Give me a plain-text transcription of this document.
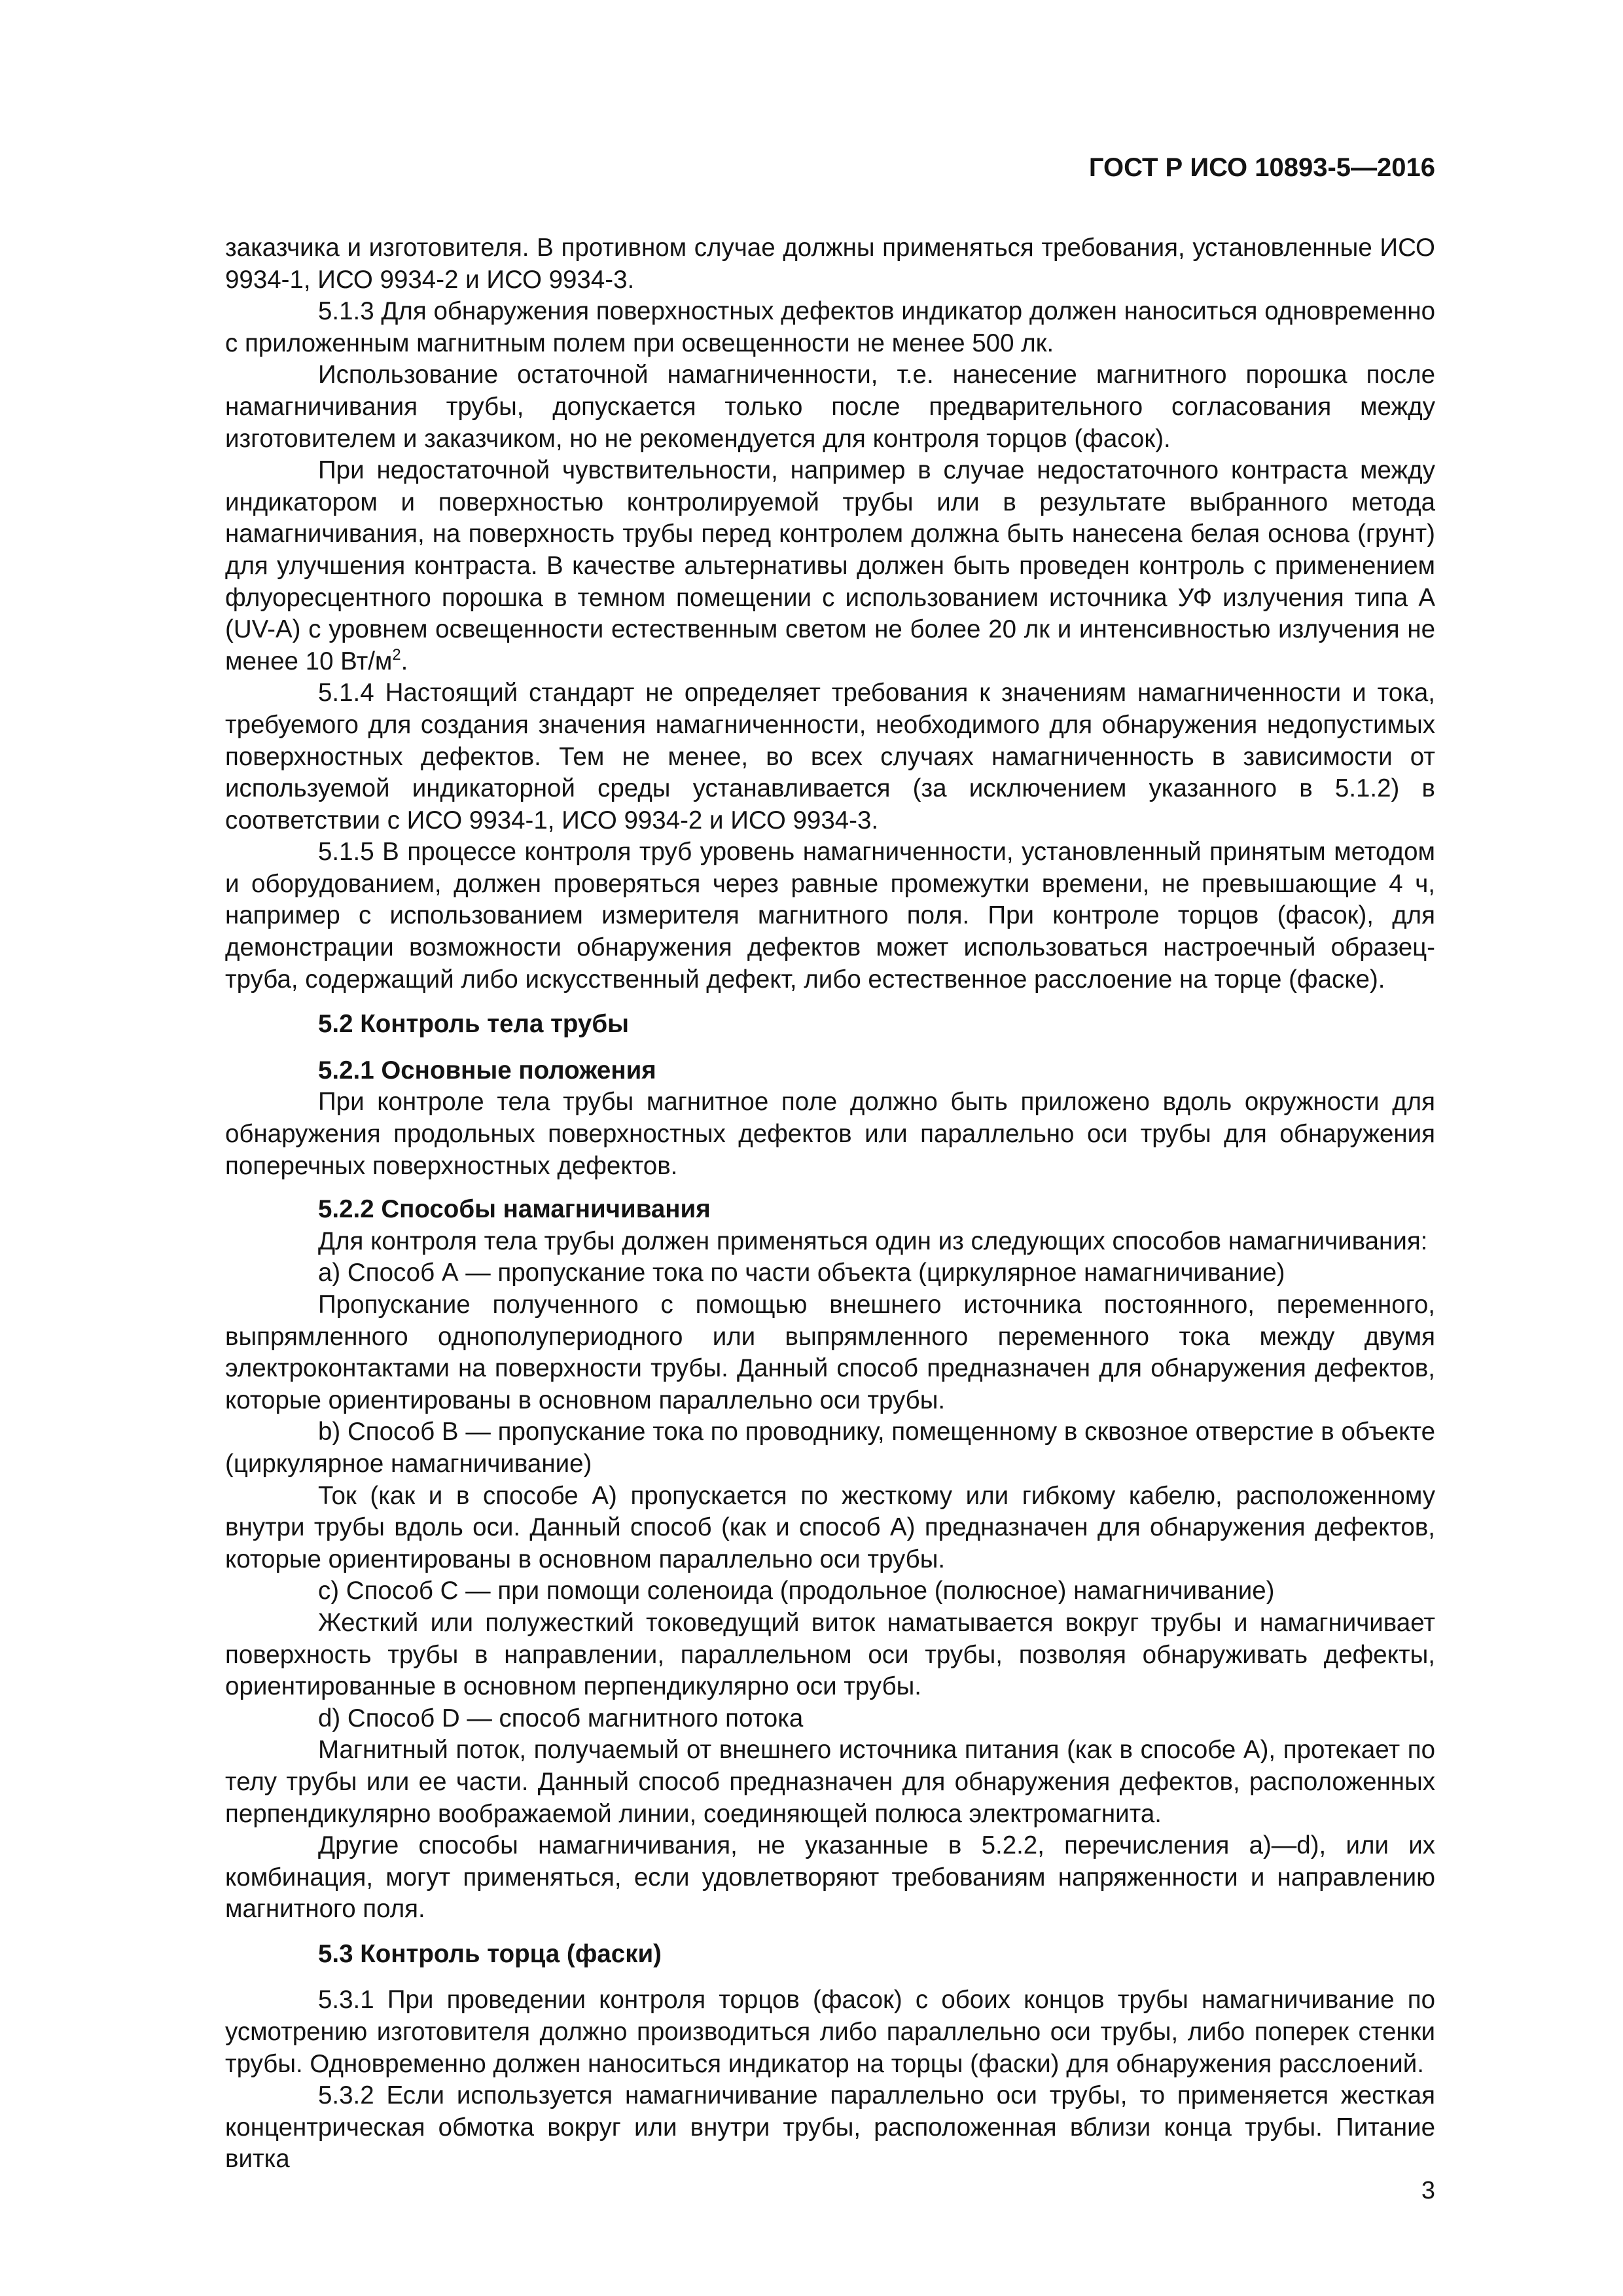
ГОСТ Р ИСО 10893-5—2016

заказчика и изготовителя. В противном случае должны применяться требования, установленные ИСО 9934-1, ИСО 9934-2 и ИСО 9934-3.

5.1.3 Для обнаружения поверхностных дефектов индикатор должен наноситься одновременно с приложенным магнитным полем при освещенности не менее 500 лк.

Использование остаточной намагниченности, т.е. нанесение магнитного порошка после намагничивания трубы, допускается только после предварительного согласования между изготовителем и заказчиком, но не рекомендуется для контроля торцов (фасок).

При недостаточной чувствительности, например в случае недостаточного контраста между индикатором и поверхностью контролируемой трубы или в результате выбранного метода намагничивания, на поверхность трубы перед контролем должна быть нанесена белая основа (грунт) для улучшения контраста. В качестве альтернативы должен быть проведен контроль с применением флуоресцентного порошка в темном помещении с использованием источника УФ излучения типа А (UV-A) с уровнем освещенности естественным светом не более 20 лк и интенсивностью излучения не менее 10 $Вт/м^2$.

5.1.4 Настоящий стандарт не определяет требования к значениям намагниченности и тока, требуемого для создания значения намагниченности, необходимого для обнаружения недопустимых поверхностных дефектов. Тем не менее, во всех случаях намагниченность в зависимости от используемой индикаторной среды устанавливается (за исключением указанного в 5.1.2) в соответствии с ИСО 9934-1, ИСО 9934-2 и ИСО 9934-3.

5.1.5 В процессе контроля труб уровень намагниченности, установленный принятым методом и оборудованием, должен проверяться через равные промежутки времени, не превышающие 4 ч, например с использованием измерителя магнитного поля. При контроле торцов (фасок), для демонстрации возможности обнаружения дефектов может использоваться настроечный образец-труба, содержащий либо искусственный дефект, либо естественное расслоение на торце (фаске).

5.2 Контроль тела трубы

5.2.1 Основные положения

При контроле тела трубы магнитное поле должно быть приложено вдоль окружности для обнаружения продольных поверхностных дефектов или параллельно оси трубы для обнаружения поперечных поверхностных дефектов.

5.2.2 Способы намагничивания

Для контроля тела трубы должен применяться один из следующих способов намагничивания:

a) Способ А — пропускание тока по части объекта (циркулярное намагничивание)

Пропускание полученного с помощью внешнего источника постоянного, переменного, выпрямленного однополупериодного или выпрямленного переменного тока между двумя электроконтактами на поверхности трубы. Данный способ предназначен для обнаружения дефектов, которые ориентированы в основном параллельно оси трубы.

b) Способ В — пропускание тока по проводнику, помещенному в сквозное отверстие в объекте (циркулярное намагничивание)

Ток (как и в способе А) пропускается по жесткому или гибкому кабелю, расположенному внутри трубы вдоль оси. Данный способ (как и способ А) предназначен для обнаружения дефектов, которые ориентированы в основном параллельно оси трубы.

c) Способ С — при помощи соленоида (продольное (полюсное) намагничивание)

Жесткий или полужесткий токоведущий виток наматывается вокруг трубы и намагничивает поверхность трубы в направлении, параллельном оси трубы, позволяя обнаруживать дефекты, ориентированные в основном перпендикулярно оси трубы.

d) Способ D — способ магнитного потока

Магнитный поток, получаемый от внешнего источника питания (как в способе А), протекает по телу трубы или ее части. Данный способ предназначен для обнаружения дефектов, расположенных перпендикулярно воображаемой линии, соединяющей полюса электромагнита.

Другие способы намагничивания, не указанные в 5.2.2, перечисления а)—d), или их комбинация, могут применяться, если удовлетворяют требованиям напряженности и направлению магнитного поля.

5.3 Контроль торца (фаски)

5.3.1 При проведении контроля торцов (фасок) с обоих концов трубы намагничивание по усмотрению изготовителя должно производиться либо параллельно оси трубы, либо поперек стенки трубы. Одновременно должен наноситься индикатор на торцы (фаски) для обнаружения расслоений.

5.3.2 Если используется намагничивание параллельно оси трубы, то применяется жесткая концентрическая обмотка вокруг или внутри трубы, расположенная вблизи конца трубы. Питание витка

3
